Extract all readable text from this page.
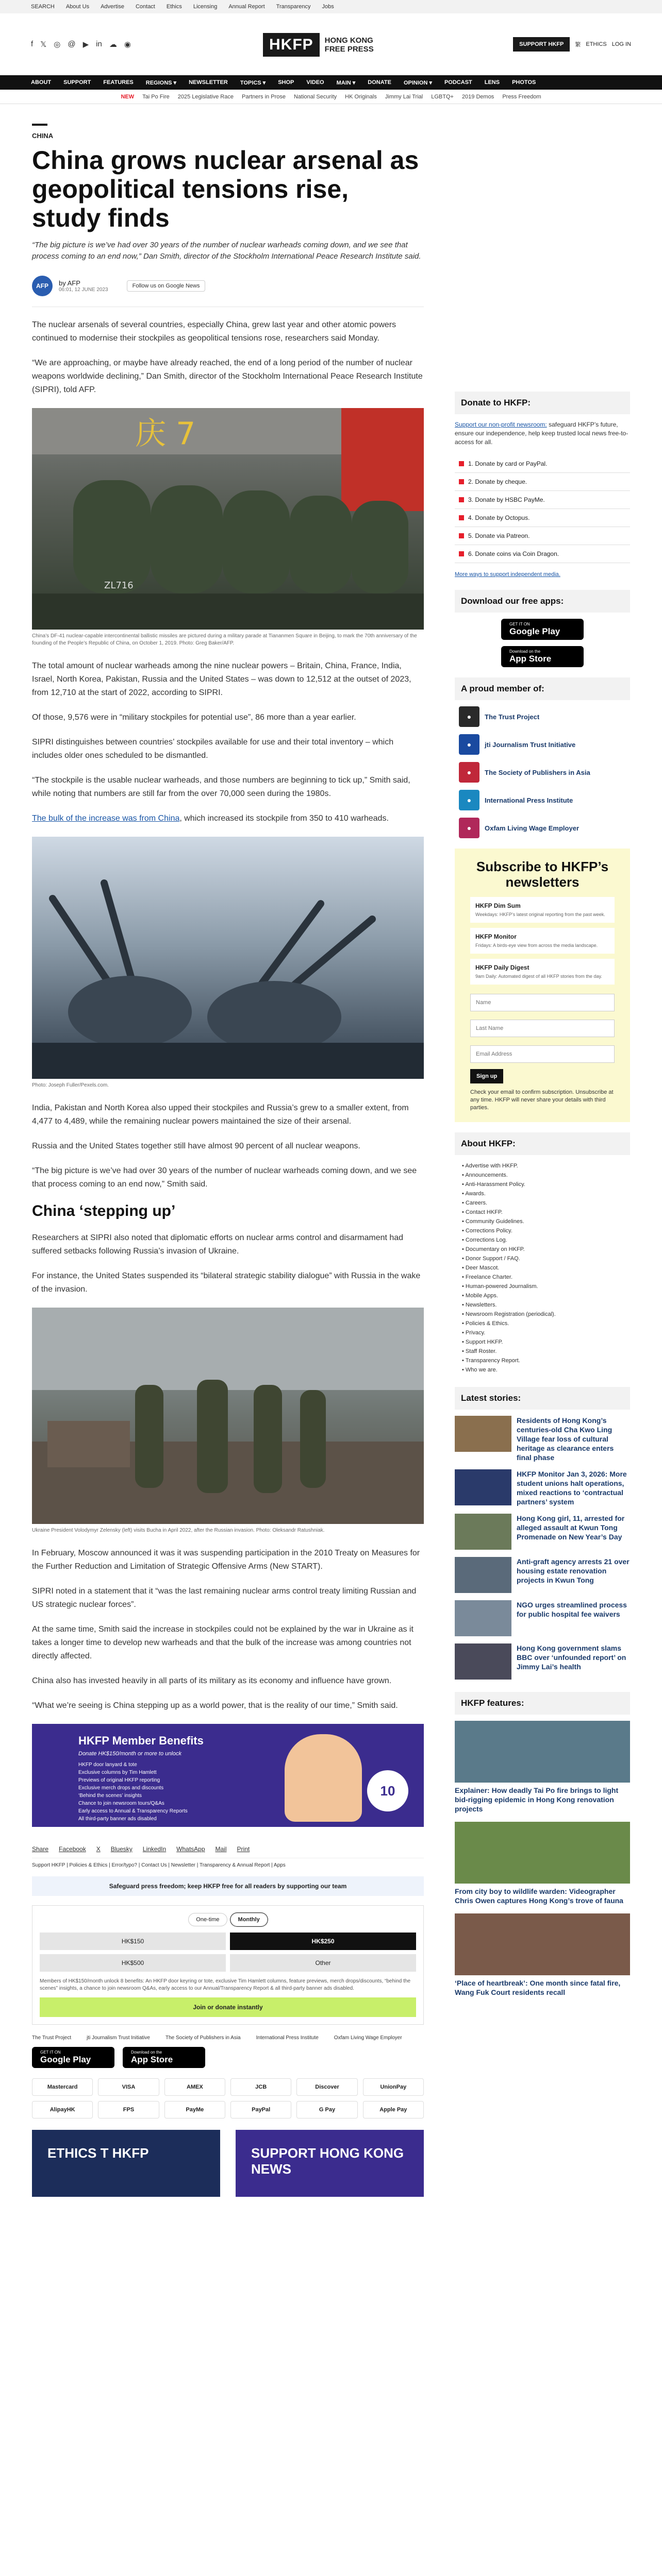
SEARCH About Us Advertise Contact Ethics Licensing Annual Report Transparency Jobs
f 𝕏 ◎ @ ▶ in ☁ ◉	HKFP	HONG KONG
FREE PRESS
SUPPORT HKFP	繁 ETHICS LOG IN
ABOUT SUPPORT FEATURES REGIONS ▾ NEWSLETTER TOPICS ▾ SHOP VIDEO MAIN ▾ DONATE OPINION ▾ PODCAST LENS PHOTOS
NEW Tai Po Fire 2025 Legislative Race Partners in Prose National Security HK Originals Jimmy Lai Trial LGBTQ+ 2019 Demos Press Freedom
CHINA
China grows nuclear arsenal as geopolitical tensions rise, study finds

“The big picture is we’ve had over 30 years of the number of nuclear warheads coming down, and we see that process coming to an end now,” Dan Smith, director of the Stockholm International Peace Research Institute said.

AFP	by AFP
06:01, 12 JUNE 2023
Follow us on Google News

The nuclear arsenals of several countries, especially China, grew last year and other atomic powers continued to modernise their stockpiles as geopolitical tensions rose, researchers said Monday.

“We are approaching, or maybe have already reached, the end of a long period of the number of nuclear weapons worldwide declining,” Dan Smith, director of the Stockholm International Peace Research Institute (SIPRI), told AFP.

庆 7
ZL716
China’s DF-41 nuclear-capable intercontinental ballistic missiles are pictured during a military parade at Tiananmen Square in Beijing, to mark the 70th anniversary of the founding of the People’s Republic of China, on October 1, 2019. Photo: Greg Baker/AFP.

The total amount of nuclear warheads among the nine nuclear powers – Britain, China, France, India, Israel, North Korea, Pakistan, Russia and the United States – was down to 12,512 at the outset of 2023, from 12,710 at the start of 2022, according to SIPRI.

Of those, 9,576 were in “military stockpiles for potential use”, 86 more than a year earlier.

SIPRI distinguishes between countries’ stockpiles available for use and their total inventory – which includes older ones scheduled to be dismantled.

“The stockpile is the usable nuclear warheads, and those numbers are beginning to tick up,” Smith said, while noting that numbers are still far from the over 70,000 seen during the 1980s.

The bulk of the increase was from China, which increased its stockpile from 350 to 410 warheads.

Photo: Joseph Fuller/Pexels.com.

India, Pakistan and North Korea also upped their stockpiles and Russia’s grew to a smaller extent, from 4,477 to 4,489, while the remaining nuclear powers maintained the size of their arsenal.

Russia and the United States together still have almost 90 percent of all nuclear weapons.

“The big picture is we’ve had over 30 years of the number of nuclear warheads coming down, and we see that process coming to an end now,” Smith said.

China ‘stepping up’

Researchers at SIPRI also noted that diplomatic efforts on nuclear arms control and disarmament had suffered setbacks following Russia’s invasion of Ukraine.

For instance, the United States suspended its “bilateral strategic stability dialogue” with Russia in the wake of the invasion.

Ukraine President Volodymyr Zelensky (left) visits Bucha in April 2022, after the Russian invasion. Photo: Oleksandr Ratushniak.

In February, Moscow announced it was it was suspending participation in the 2010 Treaty on Measures for the Further Reduction and Limitation of Strategic Offensive Arms (New START).

SIPRI noted in a statement that it “was the last remaining nuclear arms control treaty limiting Russian and US strategic nuclear forces”.

At the same time, Smith said the increase in stockpiles could not be explained by the war in Ukraine as it takes a longer time to develop new warheads and that the bulk of the increase was among countries not directly affected.

China also has invested heavily in all parts of its military as its economy and influence have grown.

“What we’re seeing is China stepping up as a world power, that is the reality of our time,” Smith said.

HKFP Member Benefits
Donate HK$150/month or more to unlock
HKFP door lanyard & tote
Exclusive columns by Tim Hamlett
Previews of original HKFP reporting
Exclusive merch drops and discounts
‘Behind the scenes’ insights
Chance to join newsroom tours/Q&As
Early access to Annual & Transparency Reports
All third-party banner ads disabled
10
Share Facebook X Bluesky LinkedIn WhatsApp Mail Print
Support HKFP | Policies & Ethics | Error/typo? | Contact Us | Newsletter | Transparency & Annual Report | Apps
Safeguard press freedom; keep HKFP free for all readers by supporting our team
One-time	Monthly
HK$150	HK$250
HK$500	Other
Members of HK$150/month unlock 8 benefits: An HKFP door keyring or tote, exclusive Tim Hamlett columns, feature previews, merch drops/discounts, “behind the scenes” insights, a chance to join newsroom Q&As, early access to our Annual/Transparency Report & all third-party banner ads disabled.
Join or donate instantly
The Trust Project	jti Journalism Trust Initiative	The Society of Publishers in Asia	International Press Institute	Oxfam Living Wage Employer
GET IT ON
Google Play
Download on the
App Store
Mastercard	VISA	AMEX	JCB	Discover	UnionPay
AlipayHK	FPS	PayMe	PayPal	G Pay	Apple Pay
ETHICS T HKFP	SUPPORT HONG KONG NEWS
Donate to HKFP:

Support our non-profit newsroom: safeguard HKFP’s future, ensure our independence, help keep trusted local news free-to-access for all.

1. Donate by card or PayPal.
2. Donate by cheque.
3. Donate by HSBC PayMe.
4. Donate by Octopus.
5. Donate via Patreon.
6. Donate coins via Coin Dragon.
More ways to support independent media.
Download our free apps:
GET IT ON
Google Play
Download on the
App Store
A proud member of:
●	The Trust Project
●	jti Journalism Trust Initiative
●	The Society of Publishers in Asia
●	International Press Institute
●	Oxfam Living Wage Employer
Subscribe to HKFP’s newsletters
HKFP Dim Sum
Weekdays: HKFP’s latest original reporting from the past week.
HKFP Monitor
Fridays: A birds-eye view from across the media landscape.
HKFP Daily Digest
9am Daily: Automated digest of all HKFP stories from the day.
Name Last Name Email Address Sign up
Check your email to confirm subscription. Unsubscribe at any time. HKFP will never share your details with third parties.
About HKFP:
• Advertise with HKFP.
• Announcements.
• Anti-Harassment Policy.
• Awards.
• Careers.
• Contact HKFP.
• Community Guidelines.
• Corrections Policy.
• Corrections Log.
• Documentary on HKFP.
• Donor Support / FAQ.
• Deer Mascot.
• Freelance Charter.
• Human-powered Journalism.
• Mobile Apps.
• Newsletters.
• Newsroom Registration (periodical).
• Policies & Ethics.
• Privacy.
• Support HKFP.
• Staff Roster.
• Transparency Report.
• Who we are.
Latest stories:
Residents of Hong Kong’s centuries-old Cha Kwo Ling Village fear loss of cultural heritage as clearance enters final phase
HKFP Monitor Jan 3, 2026: More student unions halt operations, mixed reactions to ‘contractual partners’ system
Hong Kong girl, 11, arrested for alleged assault at Kwun Tong Promenade on New Year’s Day
Anti-graft agency arrests 21 over housing estate renovation projects in Kwun Tong
NGO urges streamlined process for public hospital fee waivers
Hong Kong government slams BBC over ‘unfounded report’ on Jimmy Lai’s health
HKFP features:
Explainer: How deadly Tai Po fire brings to light bid-rigging epidemic in Hong Kong renovation projects
From city boy to wildlife warden: Videographer Chris Owen captures Hong Kong’s trove of fauna
‘Place of heartbreak’: One month since fatal fire, Wang Fuk Court residents recall
